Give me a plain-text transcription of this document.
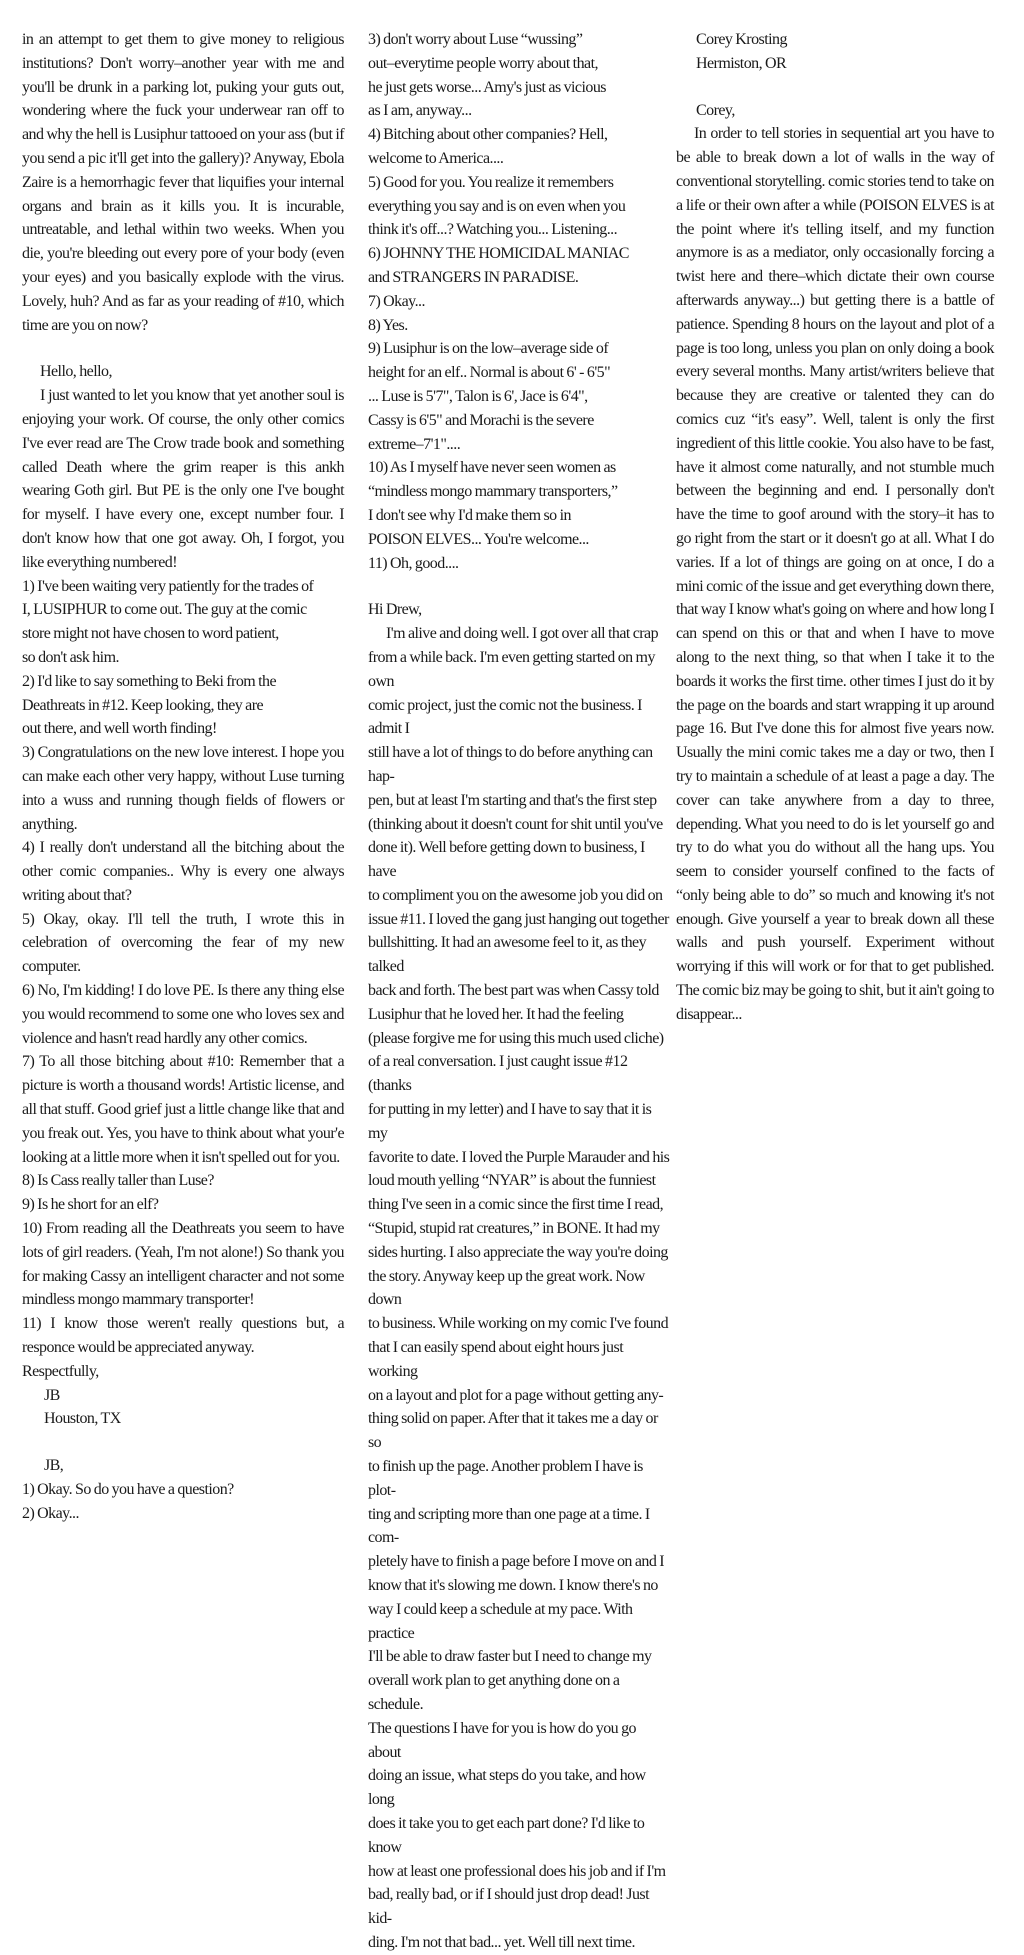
in an attempt to get them to give money to religious institutions? Don't worry–another year with me and you'll be drunk in a parking lot, puking your guts out, wondering where the fuck your underwear ran off to and why the hell is Lusiphur tattooed on your ass (but if you send a pic it'll get into the gallery)? Anyway, Ebola Zaire is a hemorrhagic fever that liquifies your internal organs and brain as it kills you. It is incurable, untreatable, and lethal within two weeks. When you die, you're bleeding out every pore of your body (even your eyes) and you basically explode with the virus. Lovely, huh? And as far as your reading of #10, which time are you on now?

Hello, hello,

I just wanted to let you know that yet another soul is enjoying your work. Of course, the only other comics I've ever read are The Crow trade book and something called Death where the grim reaper is this ankh wearing Goth girl. But PE is the only one I've bought for myself. I have every one, except number four. I don't know how that one got away. Oh, I forgot, you like everything numbered!

1) I've been waiting very patiently for the trades of
I, LUSIPHUR to come out. The guy at the comic
store might not have chosen to word patient,
so don't ask him.

2) I'd like to say something to Beki from the
Deathreats in #12. Keep looking, they are
out there, and well worth finding!

3) Congratulations on the new love interest. I hope you can make each other very happy, without Luse turning into a wuss and running though fields of flowers or anything.

4) I really don't understand all the bitching about the other comic companies.. Why is every one always writing about that?

5) Okay, okay. I'll tell the truth, I wrote this in celebration of overcoming the fear of my new computer.

6) No, I'm kidding! I do love PE. Is there any thing else you would recommend to some one who loves sex and violence and hasn't read hardly any other comics.

7) To all those bitching about #10: Remember that a picture is worth a thousand words! Artistic license, and all that stuff. Good grief just a little change like that and you freak out. Yes, you have to think about what your'e looking at a little more when it isn't spelled out for you.

8) Is Cass really taller than Luse?

9) Is he short for an elf?

10) From reading all the Deathreats you seem to have lots of girl readers. (Yeah, I'm not alone!) So thank you for making Cassy an intelligent character and not some mindless mongo mammary transporter!

11) I know those weren't really questions but, a responce would be appreciated anyway.

Respectfully,

JB

Houston, TX

JB,

1) Okay. So do you have a question?

2) Okay...

3) don't worry about Luse “wussing”
out–everytime people worry about that,
he just gets worse... Amy's just as vicious
as I am, anyway...

4) Bitching about other companies? Hell,
welcome to America....

5) Good for you. You realize it remembers
everything you say and is on even when you
think it's off...? Watching you... Listening...

6) JOHNNY THE HOMICIDAL MANIAC
and STRANGERS IN PARADISE.

7) Okay...

8) Yes.

9) Lusiphur is on the low–average side of
height for an elf.. Normal is about 6' - 6'5"
... Luse is 5'7", Talon is 6', Jace is 6'4",
Cassy is 6'5" and Morachi is the severe
extreme–7'1"....

10) As I myself have never seen women as
“mindless mongo mammary transporters,”
I don't see why I'd make them so in
POISON ELVES... You're welcome...

11) Oh, good....

Hi Drew,

I'm alive and doing well. I got over all that crap
from a while back. I'm even getting started on my own
comic project, just the comic not the business. I admit I
still have a lot of things to do before anything can hap-
pen, but at least I'm starting and that's the first step
(thinking about it doesn't count for shit until you've
done it). Well before getting down to business, I have
to compliment you on the awesome job you did on
issue #11. I loved the gang just hanging out together
bullshitting. It had an awesome feel to it, as they talked
back and forth. The best part was when Cassy told
Lusiphur that he loved her. It had the feeling
(please forgive me for using this much used cliche)
of a real conversation. I just caught issue #12 (thanks
for putting in my letter) and I have to say that it is my
favorite to date. I loved the Purple Marauder and his
loud mouth yelling “NYAR” is about the funniest
thing I've seen in a comic since the first time I read,
“Stupid, stupid rat creatures,” in BONE. It had my
sides hurting. I also appreciate the way you're doing
the story. Anyway keep up the great work. Now down
to business. While working on my comic I've found
that I can easily spend about eight hours just working
on a layout and plot for a page without getting any-
thing solid on paper. After that it takes me a day or so
to finish up the page. Another problem I have is plot-
ting and scripting more than one page at a time. I com-
pletely have to finish a page before I move on and I
know that it's slowing me down. I know there's no
way I could keep a schedule at my pace. With practice
I'll be able to draw faster but I need to change my
overall work plan to get anything done on a schedule.
The questions I have for you is how do you go about
doing an issue, what steps do you take, and how long
does it take you to get each part done? I'd like to know
how at least one professional does his job and if I'm
bad, really bad, or if I should just drop dead! Just kid-
ding. I'm not that bad... yet. Well till next time.

Corey Krosting

Hermiston, OR

Corey,

In order to tell stories in sequential art you have to be able to break down a lot of walls in the way of conventional storytelling. comic stories tend to take on a life or their own after a while (POISON ELVES is at the point where it's telling itself, and my function anymore is as a mediator, only occasionally forcing a twist here and there–which dictate their own course afterwards anyway...) but getting there is a battle of patience. Spending 8 hours on the layout and plot of a page is too long, unless you plan on only doing a book every several months. Many artist/writers believe that because they are creative or talented they can do comics cuz “it's easy”. Well, talent is only the first ingredient of this little cookie. You also have to be fast, have it almost come naturally, and not stumble much between the beginning and end. I personally don't have the time to goof around with the story–it has to go right from the start or it doesn't go at all. What I do varies. If a lot of things are going on at once, I do a mini comic of the issue and get everything down there, that way I know what's going on where and how long I can spend on this or that and when I have to move along to the next thing, so that when I take it to the boards it works the first time. other times I just do it by the page on the boards and start wrapping it up around page 16. But I've done this for almost five years now. Usually the mini comic takes me a day or two, then I try to maintain a schedule of at least a page a day. The cover can take anywhere from a day to three, depending. What you need to do is let yourself go and try to do what you do without all the hang ups. You seem to consider yourself confined to the facts of “only being able to do” so much and knowing it's not enough. Give yourself a year to break down all these walls and push yourself. Experiment without worrying if this will work or for that to get published. The comic biz may be going to shit, but it ain't going to disappear...
